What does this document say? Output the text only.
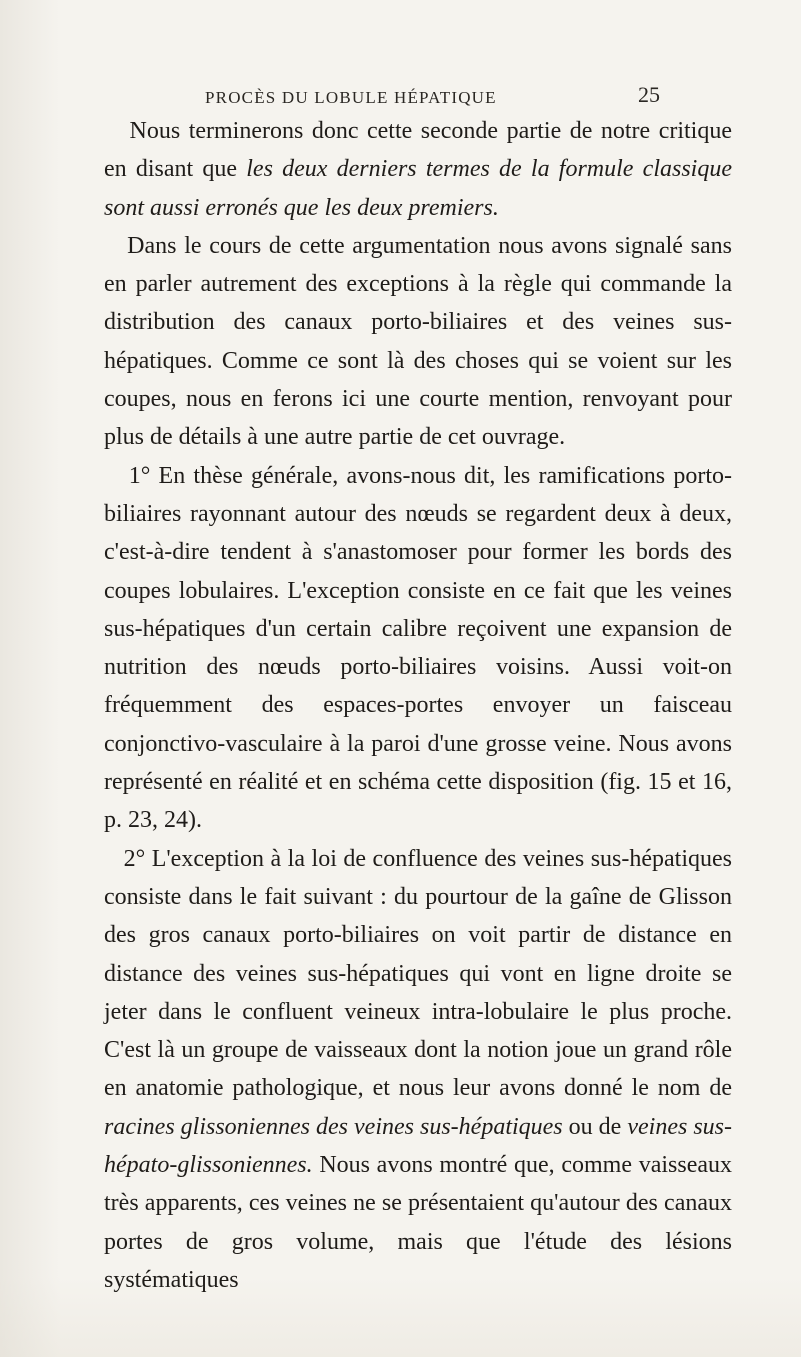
PROCÈS DU LOBULE HÉPATIQUE	25

Nous terminerons donc cette seconde partie de notre critique en disant que les deux derniers termes de la formule classique sont aussi erronés que les deux premiers.

Dans le cours de cette argumentation nous avons signalé sans en parler autrement des exceptions à la règle qui commande la distribution des canaux porto-biliaires et des veines sus-hépatiques. Comme ce sont là des choses qui se voient sur les coupes, nous en ferons ici une courte mention, renvoyant pour plus de détails à une autre partie de cet ouvrage.

1° En thèse générale, avons-nous dit, les ramifications porto-biliaires rayonnant autour des nœuds se regardent deux à deux, c'est-à-dire tendent à s'anastomoser pour former les bords des coupes lobulaires. L'exception consiste en ce fait que les veines sus-hépatiques d'un certain calibre reçoivent une expansion de nutrition des nœuds porto-biliaires voisins. Aussi voit-on fréquemment des espaces-portes envoyer un faisceau conjonctivo-vasculaire à la paroi d'une grosse veine. Nous avons représenté en réalité et en schéma cette disposition (fig. 15 et 16, p. 23, 24).

2° L'exception à la loi de confluence des veines sus-hépatiques consiste dans le fait suivant : du pourtour de la gaîne de Glisson des gros canaux porto-biliaires on voit partir de distance en distance des veines sus-hépatiques qui vont en ligne droite se jeter dans le confluent veineux intra-lobulaire le plus proche. C'est là un groupe de vaisseaux dont la notion joue un grand rôle en anatomie pathologique, et nous leur avons donné le nom de racines glissoniennes des veines sus-hépatiques ou de veines sus-hépato-glissoniennes. Nous avons montré que, comme vaisseaux très apparents, ces veines ne se présentaient qu'autour des canaux portes de gros volume, mais que l'étude des lésions systématiques
